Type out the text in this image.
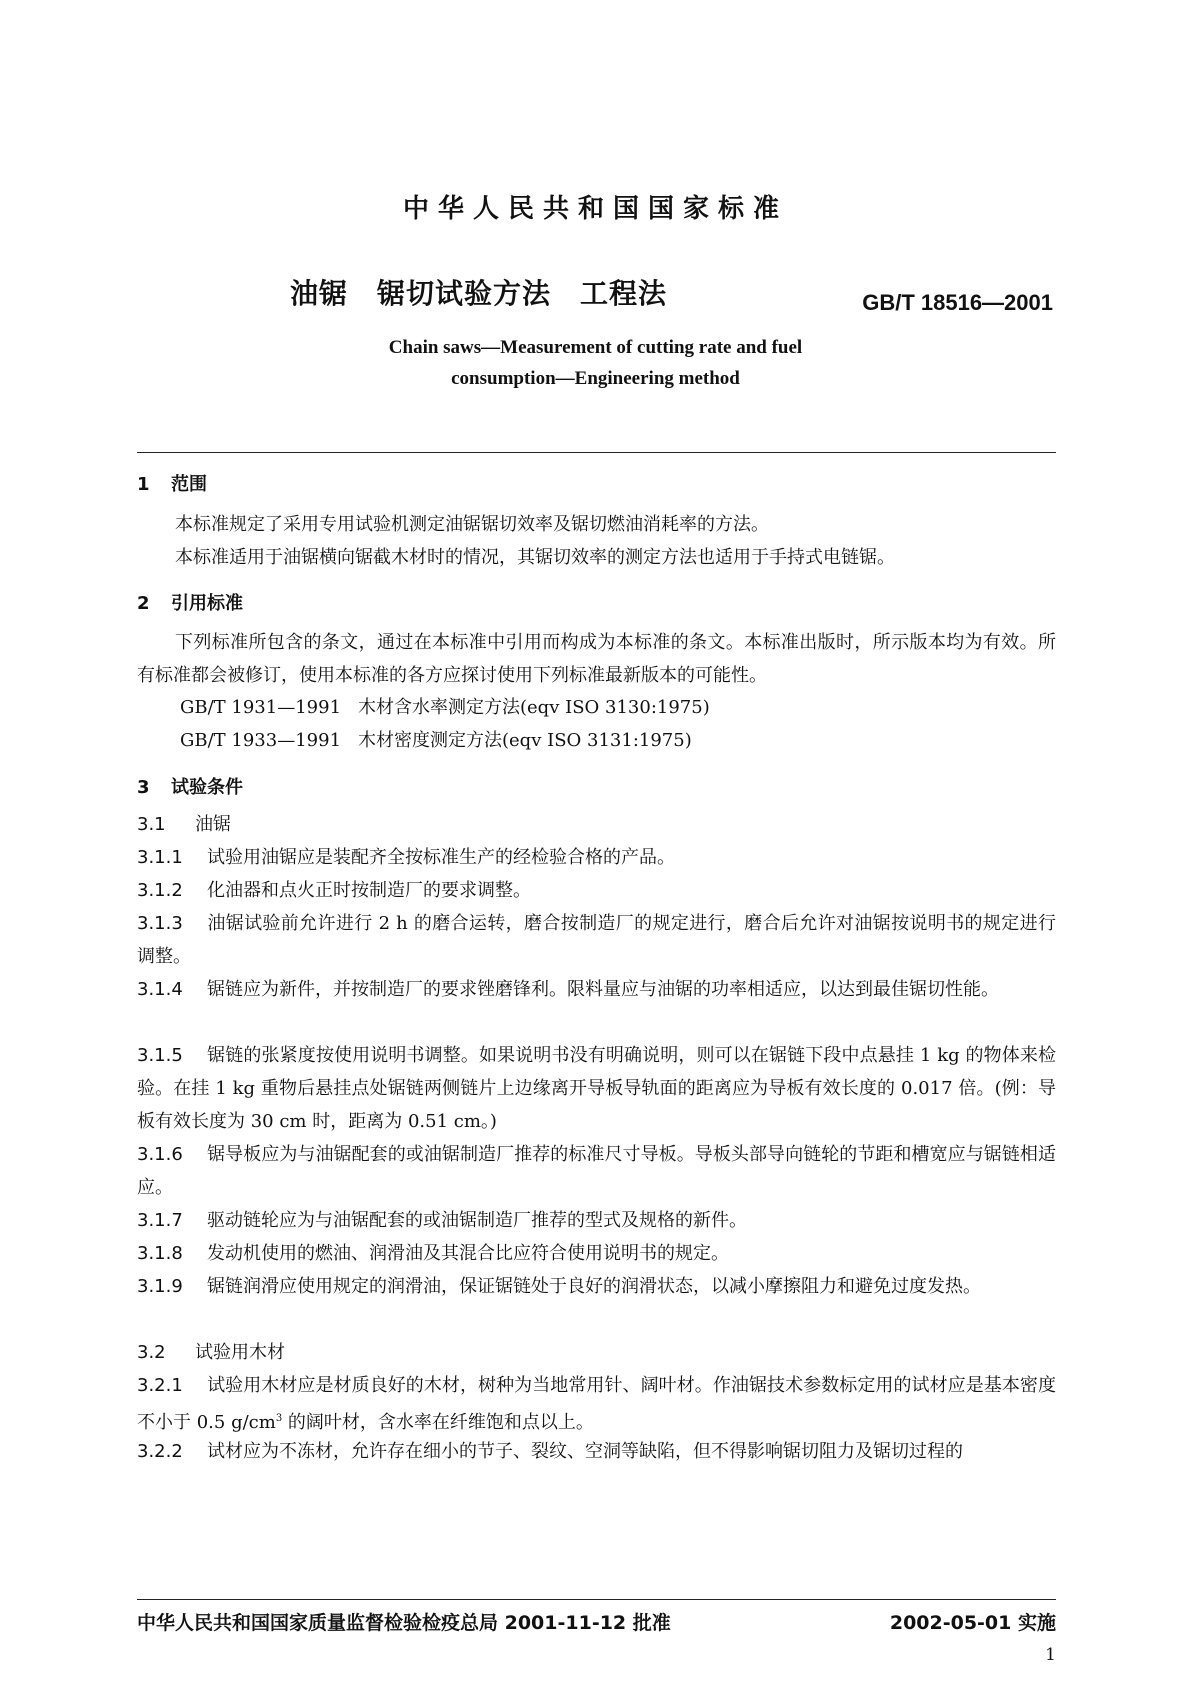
中华人民共和国国家标准
油锯　锯切试验方法　工程法	GB/T 18516—2001
Chain saws—Measurement of cutting rate and fuel
consumption—Engineering method
1 范围
本标准规定了采用专用试验机测定油锯锯切效率及锯切燃油消耗率的方法。
本标准适用于油锯横向锯截木材时的情况，其锯切效率的测定方法也适用于手持式电链锯。
2 引用标准
下列标准所包含的条文，通过在本标准中引用而构成为本标准的条文。本标准出版时，所示版本均为有效。所有标准都会被修订，使用本标准的各方应探讨使用下列标准最新版本的可能性。
GB/T 1931—1991 木材含水率测定方法(eqv ISO 3130:1975)
GB/T 1933—1991 木材密度测定方法(eqv ISO 3131:1975)
3 试验条件
3.1 油锯
3.1.1 试验用油锯应是装配齐全按标准生产的经检验合格的产品。
3.1.2 化油器和点火正时按制造厂的要求调整。
3.1.3 油锯试验前允许进行 2 h 的磨合运转，磨合按制造厂的规定进行，磨合后允许对油锯按说明书的规定进行调整。
3.1.4 锯链应为新件，并按制造厂的要求锉磨锋利。限料量应与油锯的功率相适应，以达到最佳锯切性能。
3.1.5 锯链的张紧度按使用说明书调整。如果说明书没有明确说明，则可以在锯链下段中点悬挂 1 kg 的物体来检验。在挂 1 kg 重物后悬挂点处锯链两侧链片上边缘离开导板导轨面的距离应为导板有效长度的 0.017 倍。(例：导板有效长度为 30 cm 时，距离为 0.51 cm。)
3.1.6 锯导板应为与油锯配套的或油锯制造厂推荐的标准尺寸导板。导板头部导向链轮的节距和槽宽应与锯链相适应。
3.1.7 驱动链轮应为与油锯配套的或油锯制造厂推荐的型式及规格的新件。
3.1.8 发动机使用的燃油、润滑油及其混合比应符合使用说明书的规定。
3.1.9 锯链润滑应使用规定的润滑油，保证锯链处于良好的润滑状态，以减小摩擦阻力和避免过度发热。
3.2 试验用木材
3.2.1 试验用木材应是材质良好的木材，树种为当地常用针、阔叶材。作油锯技术参数标定用的试材应是基本密度不小于 0.5 $g/cm^3$ 的阔叶材，含水率在纤维饱和点以上。
3.2.2 试材应为不冻材，允许存在细小的节子、裂纹、空洞等缺陷，但不得影响锯切阻力及锯切过程的
中华人民共和国国家质量监督检验检疫总局 2001-11-12 批准	2002-05-01 实施
1
